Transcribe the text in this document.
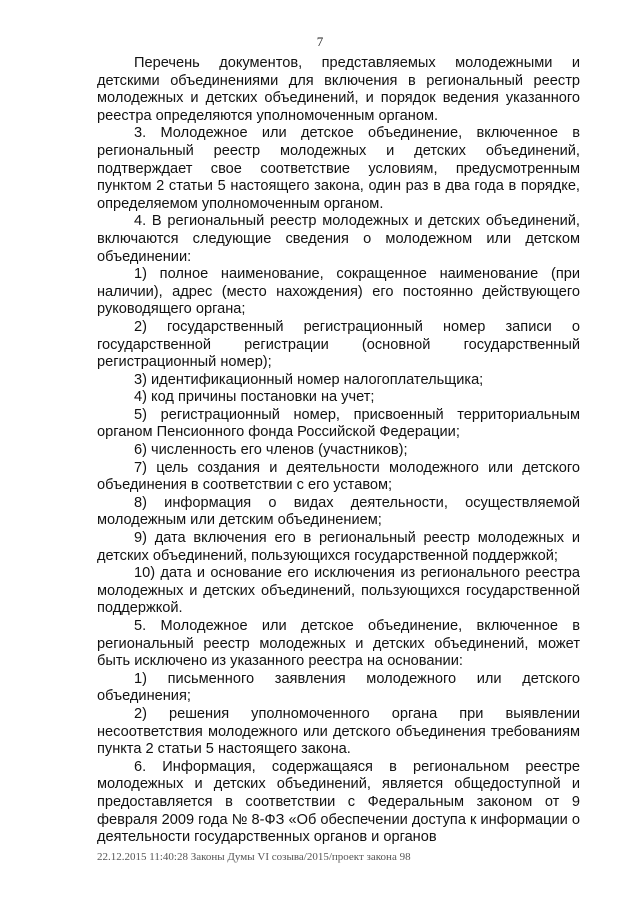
7

Перечень документов, представляемых молодежными и детскими объединениями для включения в региональный реестр молодежных и детских объединений, и порядок ведения указанного реестра определяются уполномоченным органом.

3. Молодежное или детское объединение, включенное в региональный реестр молодежных и детских объединений, подтверждает свое соответствие условиям, предусмотренным пунктом 2 статьи 5 настоящего закона, один раз в два года в порядке, определяемом уполномоченным органом.

4. В региональный реестр молодежных и детских объединений, включаются следующие сведения о молодежном или детском объединении:

1) полное наименование, сокращенное наименование (при наличии), адрес (место нахождения) его постоянно действующего руководящего органа;

2) государственный регистрационный номер записи о государственной регистрации (основной государственный регистрационный номер);

3) идентификационный номер налогоплательщика;

4) код причины постановки на учет;

5) регистрационный номер, присвоенный территориальным органом Пенсионного фонда Российской Федерации;

6) численность его членов (участников);

7) цель создания и деятельности молодежного или детского объединения в соответствии с его уставом;

8) информация о видах деятельности, осуществляемой молодежным или детским объединением;

9) дата включения его в региональный реестр молодежных и детских объединений, пользующихся государственной поддержкой;

10) дата и основание его исключения из регионального реестра молодежных и детских объединений, пользующихся государственной поддержкой.

5. Молодежное или детское объединение, включенное в региональный реестр молодежных и детских объединений, может быть исключено из указанного реестра на основании:

1) письменного заявления молодежного или детского объединения;

2) решения уполномоченного органа при выявлении несоответствия молодежного или детского объединения требованиям пункта 2 статьи 5 настоящего закона.

6. Информация, содержащаяся в региональном реестре молодежных и детских объединений, является общедоступной и предоставляется в соответствии с Федеральным законом от 9 февраля 2009 года № 8-ФЗ «Об обеспечении доступа к информации о деятельности государственных органов и органов

22.12.2015 11:40:28 Законы Думы VI созыва/2015/проект закона 98
